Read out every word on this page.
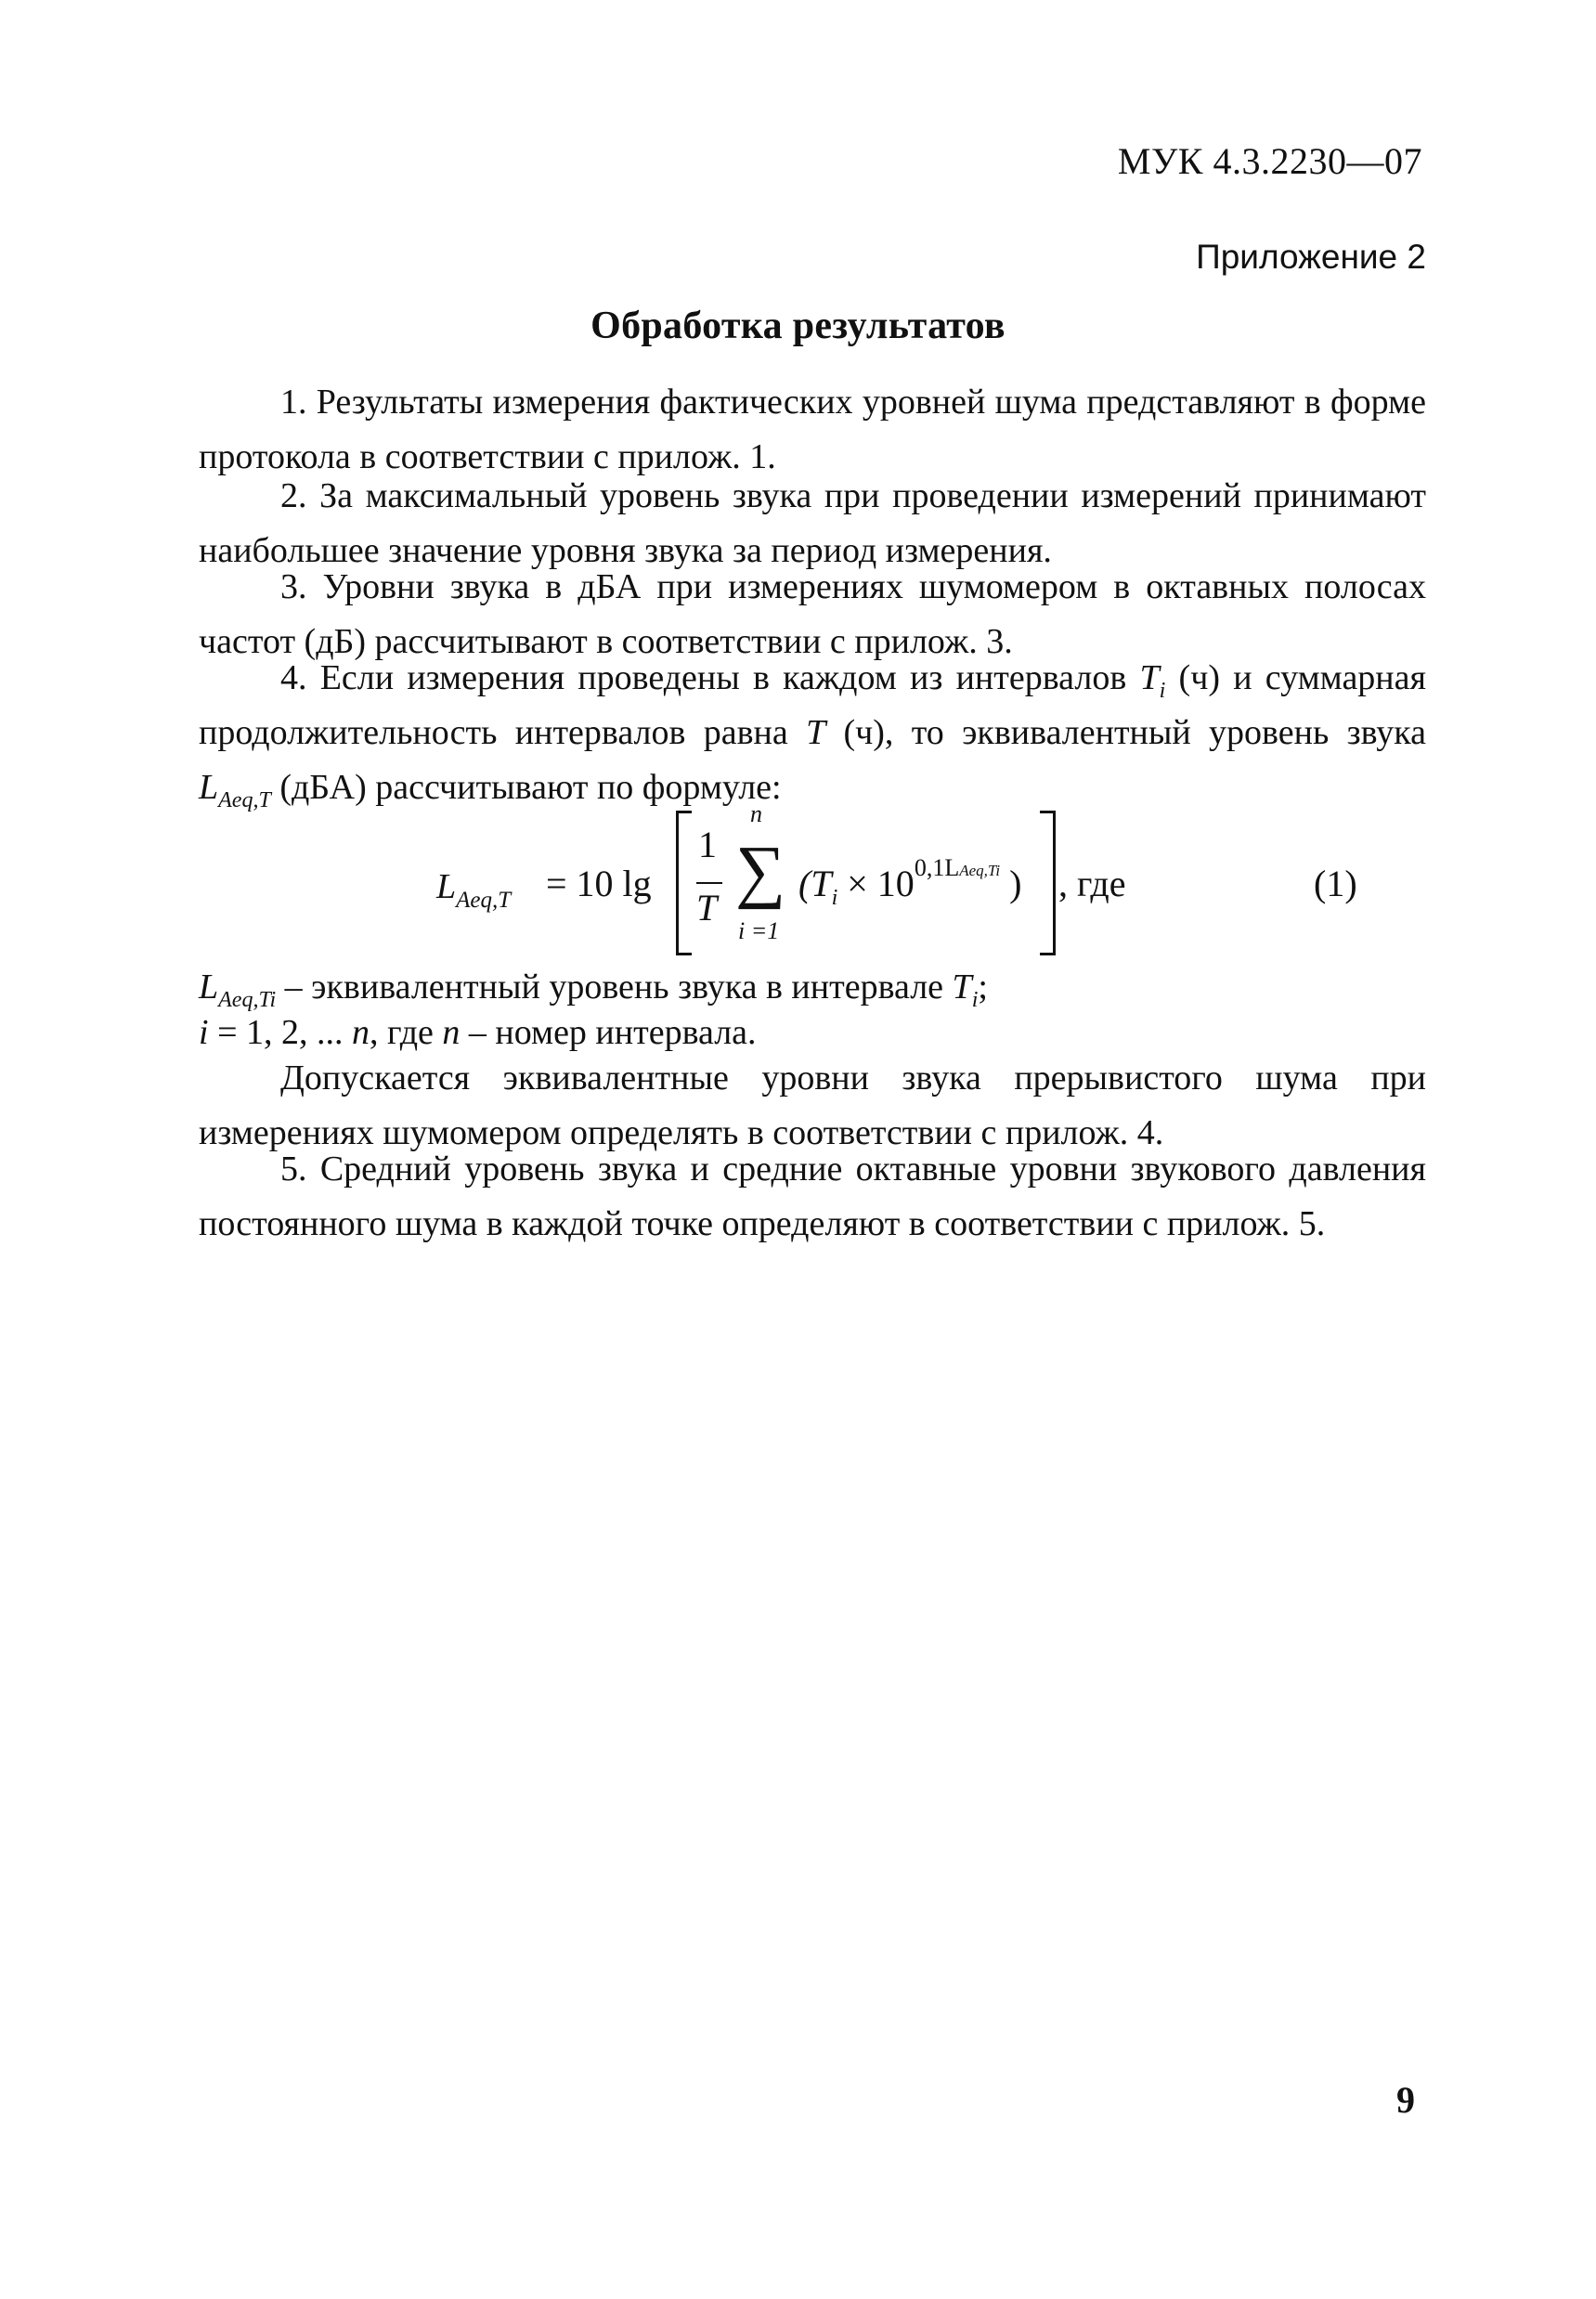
МУК 4.3.2230—07
Приложение 2
Обработка результатов

1. Результаты измерения фактических уровней шума представляют в форме протокола в соответствии с прилож. 1.

2. За максимальный уровень звука при проведении измерений принимают наибольшее значение уровня звука за период измерения.

3. Уровни звука в дБА при измерениях шумомером в октавных полосах частот (дБ) рассчитывают в соответствии с прилож. 3.

4. Если измерения проведены в каждом из интервалов $T_i$ (ч) и суммарная продолжительность интервалов равна T (ч), то эквивалентный уровень звука $L_{Aeq,T}$ (дБА) рассчитывают по формуле:

$L_{Aeq,T} = 10$ lg
1
T
n
∑
i =1
($T_i \times 10^{0,1LAeq,Ti}$ ) , где	(1)

$L_{Aeq,Ti}$ – эквивалентный уровень звука в интервале $T_i$;

i = 1, 2, ... n, где n – номер интервала.

Допускается эквивалентные уровни звука прерывистого шума при измерениях шумомером определять в соответствии с прилож. 4.

5. Средний уровень звука и средние октавные уровни звукового давления постоянного шума в каждой точке определяют в соответствии с прилож. 5.

9
